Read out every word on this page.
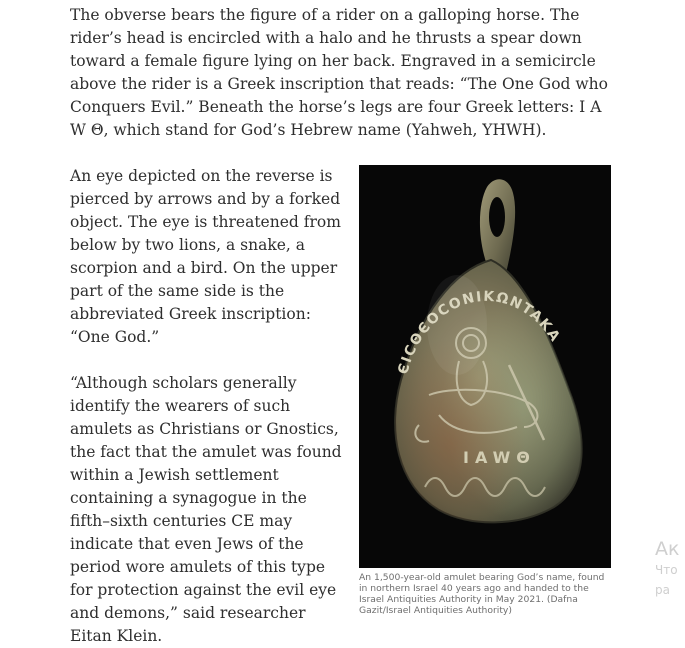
The obverse bears the figure of a rider on a galloping horse. The rider’s head is encircled with a halo and he thrusts a spear down toward a female figure lying on her back. Engraved in a semicircle above the rider is a Greek inscription that reads: “The One God who Conquers Evil.” Beneath the horse’s legs are four Greek letters: I A W Θ, which stand for God’s Hebrew name (Yahweh, YHWH).

An eye depicted on the reverse is pierced by arrows and by a forked object. The eye is threatened from below by two lions, a snake, a scorpion and a bird. On the upper part of the same side is the abbreviated Greek inscription: “One God.”

“Although scholars generally identify the wearers of such amulets as Christians or Gnostics, the fact that the amulet was found within a Jewish settlement containing a synagogue in the fifth–sixth centuries CE may indicate that even Jews of the period wore amulets of this type for protection against the evil eye and demons,” said researcher Eitan Klein.

ЄICΘЄOCONIKΩNTAKA
IAWΘ

An 1,500-year-old amulet bearing God’s name, found in northern Israel 40 years ago and handed to the Israel Antiquities Authority in May 2021. (Dafna Gazit/Israel Antiquities Authority)

Ак
Что
ра
